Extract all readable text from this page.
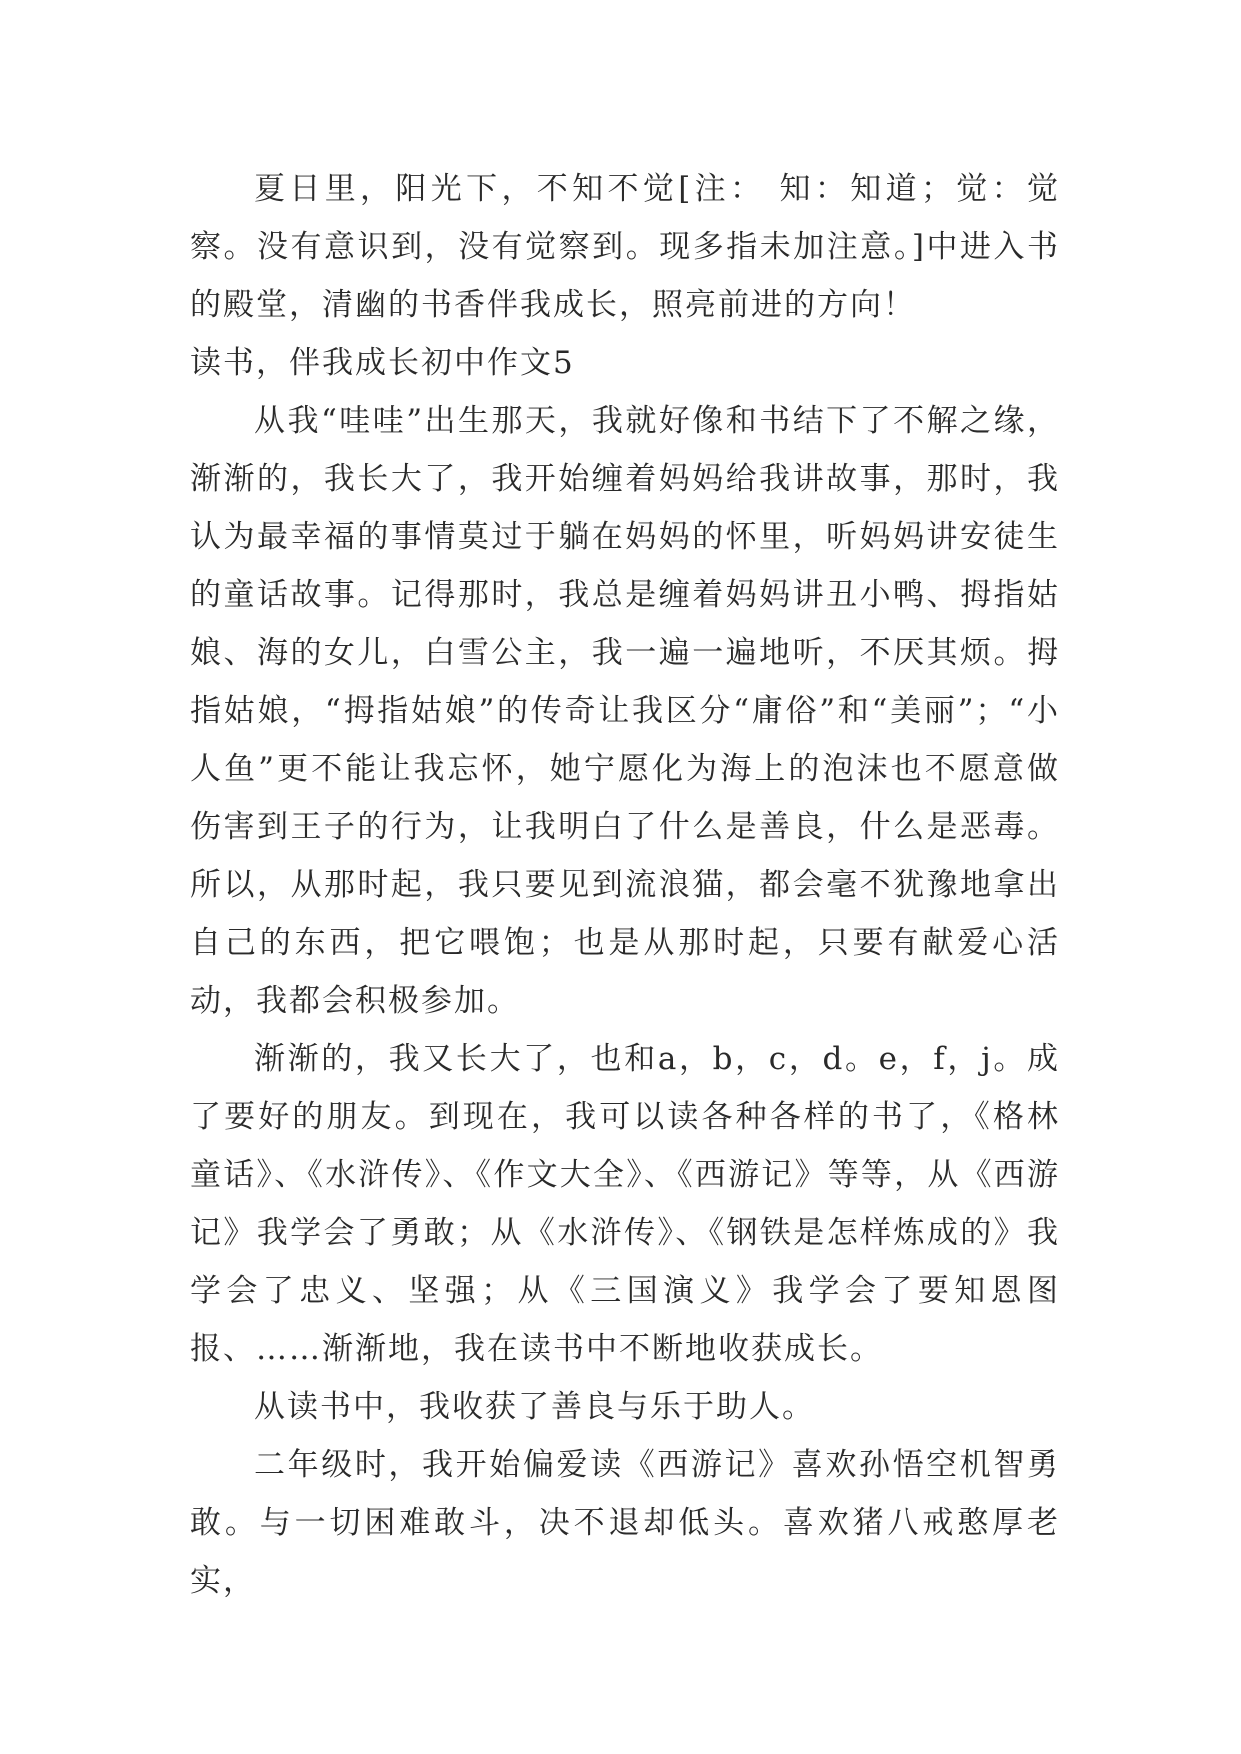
夏日里，阳光下，不知不觉[注： 知：知道；觉：觉察。没有意识到，没有觉察到。现多指未加注意。]中进入书的殿堂，清幽的书香伴我成长，照亮前进的方向！

读书，伴我成长初中作文5

从我“哇哇”出生那天，我就好像和书结下了不解之缘，渐渐的，我长大了，我开始缠着妈妈给我讲故事，那时，我认为最幸福的事情莫过于躺在妈妈的怀里，听妈妈讲安徒生的童话故事。记得那时，我总是缠着妈妈讲丑小鸭、拇指姑娘、海的女儿，白雪公主，我一遍一遍地听，不厌其烦。拇指姑娘，“拇指姑娘”的传奇让我区分“庸俗”和“美丽”；“小人鱼”更不能让我忘怀，她宁愿化为海上的泡沫也不愿意做伤害到王子的行为，让我明白了什么是善良，什么是恶毒。所以，从那时起，我只要见到流浪猫，都会毫不犹豫地拿出自己的东西，把它喂饱；也是从那时起，只要有献爱心活动，我都会积极参加。

渐渐的，我又长大了，也和a，b，c，d。e，f，j。成了要好的朋友。到现在，我可以读各种各样的书了，《格林童话》、《水浒传》、《作文大全》、《西游记》等等，从《西游记》我学会了勇敢；从《水浒传》、《钢铁是怎样炼成的》我学会了忠义、坚强；从《三国演义》我学会了要知恩图报、……渐渐地，我在读书中不断地收获成长。

从读书中，我收获了善良与乐于助人。

二年级时，我开始偏爱读《西游记》喜欢孙悟空机智勇敢。与一切困难敢斗，决不退却低头。喜欢猪八戒憨厚老实，
